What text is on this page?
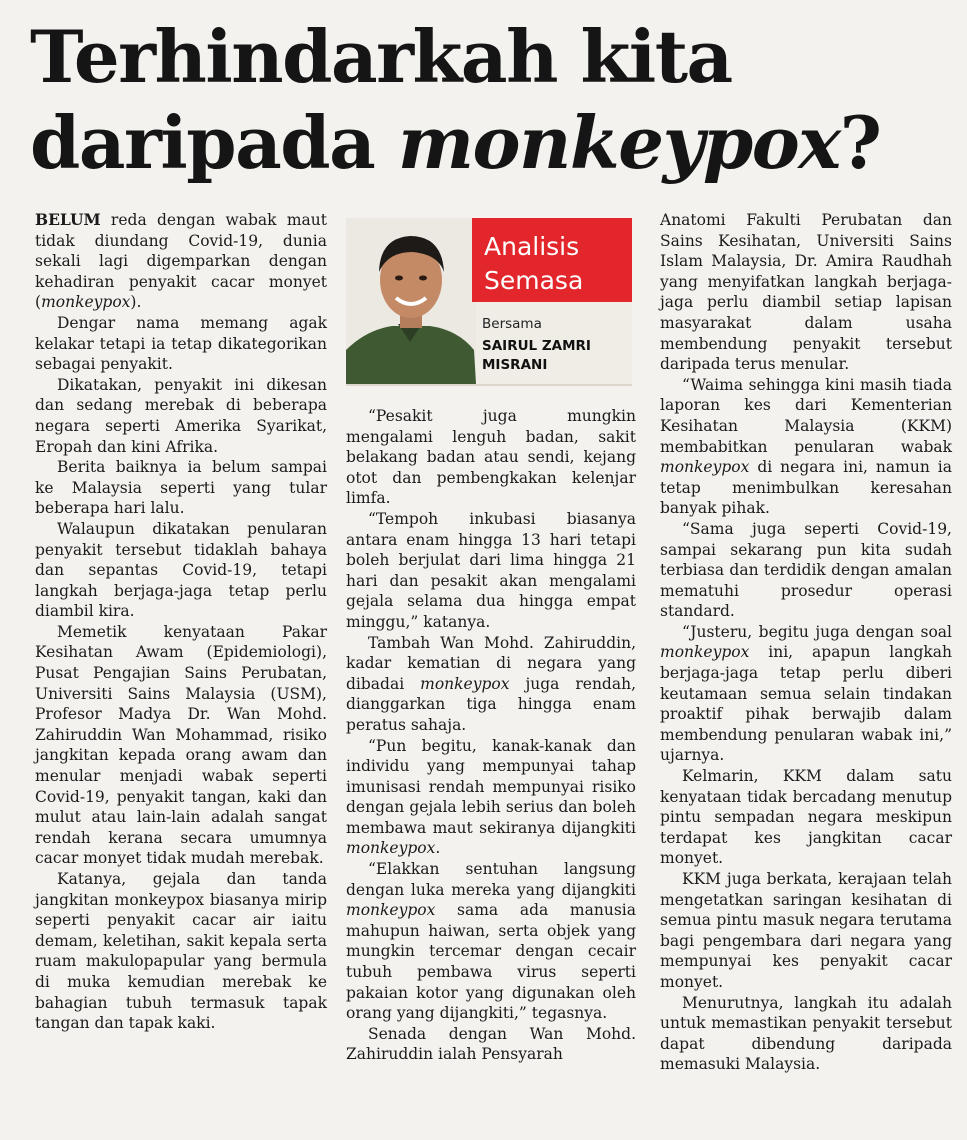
Terhindarkah kita
daripada monkeypox?

BELUM reda dengan wabak maut tidak diundang Covid-19, dunia sekali lagi digemparkan dengan kehadiran penyakit cacar monyet (monkeypox).

Dengar nama memang agak kelakar tetapi ia tetap dikategorikan sebagai penyakit.

Dikatakan, penyakit ini dikesan dan sedang merebak di beberapa negara seperti Amerika Syarikat, Eropah dan kini Afrika.

Berita baiknya ia belum sampai ke Malaysia seperti yang tular beberapa hari lalu.

Walaupun dikatakan penularan penyakit tersebut tidaklah bahaya dan sepantas Covid-19, tetapi langkah berjaga-jaga tetap perlu diambil kira.

Memetik kenyataan Pakar Kesihatan Awam (Epidemiologi), Pusat Pengajian Sains Perubatan, Universiti Sains Malaysia (USM), Profesor Madya Dr. Wan Mohd. Zahiruddin Wan Mohammad, risiko jangkitan kepada orang awam dan menular menjadi wabak seperti Covid-19, penyakit tangan, kaki dan mulut atau lain-lain adalah sangat rendah kerana secara umumnya cacar monyet tidak mudah merebak.

Katanya, gejala dan tanda jangkitan monkeypox biasanya mirip seperti penyakit cacar air iaitu demam, keletihan, sakit kepala serta ruam makulopapular yang bermula di muka kemudian merebak ke bahagian tubuh termasuk tapak tangan dan tapak kaki.

Analisis
Semasa
Bersama
SAIRUL ZAMRI
MISRANI

“Pesakit juga mungkin mengalami lenguh badan, sakit belakang badan atau sendi, kejang otot dan pembengkakan kelenjar limfa.

“Tempoh inkubasi biasanya antara enam hingga 13 hari tetapi boleh berjulat dari lima hingga 21 hari dan pesakit akan mengalami gejala selama dua hingga empat minggu,” katanya.

Tambah Wan Mohd. Zahiruddin, kadar kematian di negara yang dibadai monkeypox juga rendah, dianggarkan tiga hingga enam peratus sahaja.

“Pun begitu, kanak-kanak dan individu yang mempunyai tahap imunisasi rendah mempunyai risiko dengan gejala lebih serius dan boleh membawa maut sekiranya dijangkiti monkeypox.

“Elakkan sentuhan langsung dengan luka mereka yang dijangkiti monkeypox sama ada manusia mahupun haiwan, serta objek yang mungkin tercemar dengan cecair tubuh pembawa virus seperti pakaian kotor yang digunakan oleh orang yang dijangkiti,” tegasnya.

Senada dengan Wan Mohd. Zahiruddin ialah Pensyarah

Anatomi Fakulti Perubatan dan Sains Kesihatan, Universiti Sains Islam Malaysia, Dr. Amira Raudhah yang menyifatkan langkah berjaga-jaga perlu diambil setiap lapisan masyarakat dalam usaha membendung penyakit tersebut daripada terus menular.

“Waima sehingga kini masih tiada laporan kes dari Kementerian Kesihatan Malaysia (KKM) membabitkan penularan wabak monkeypox di negara ini, namun ia tetap menimbulkan keresahan banyak pihak.

“Sama juga seperti Covid-19, sampai sekarang pun kita sudah terbiasa dan terdidik dengan amalan mematuhi prosedur operasi standard.

“Justeru, begitu juga dengan soal monkeypox ini, apapun langkah berjaga-jaga tetap perlu diberi keutamaan semua selain tindakan proaktif pihak berwajib dalam membendung penularan wabak ini,” ujarnya.

Kelmarin, KKM dalam satu kenyataan tidak bercadang menutup pintu sempadan negara meskipun terdapat kes jangkitan cacar monyet.

KKM juga berkata, kerajaan telah mengetatkan saringan kesihatan di semua pintu masuk negara terutama bagi pengembara dari negara yang mempunyai kes penyakit cacar monyet.

Menurutnya, langkah itu adalah untuk memastikan penyakit tersebut dapat dibendung daripada memasuki Malaysia.
